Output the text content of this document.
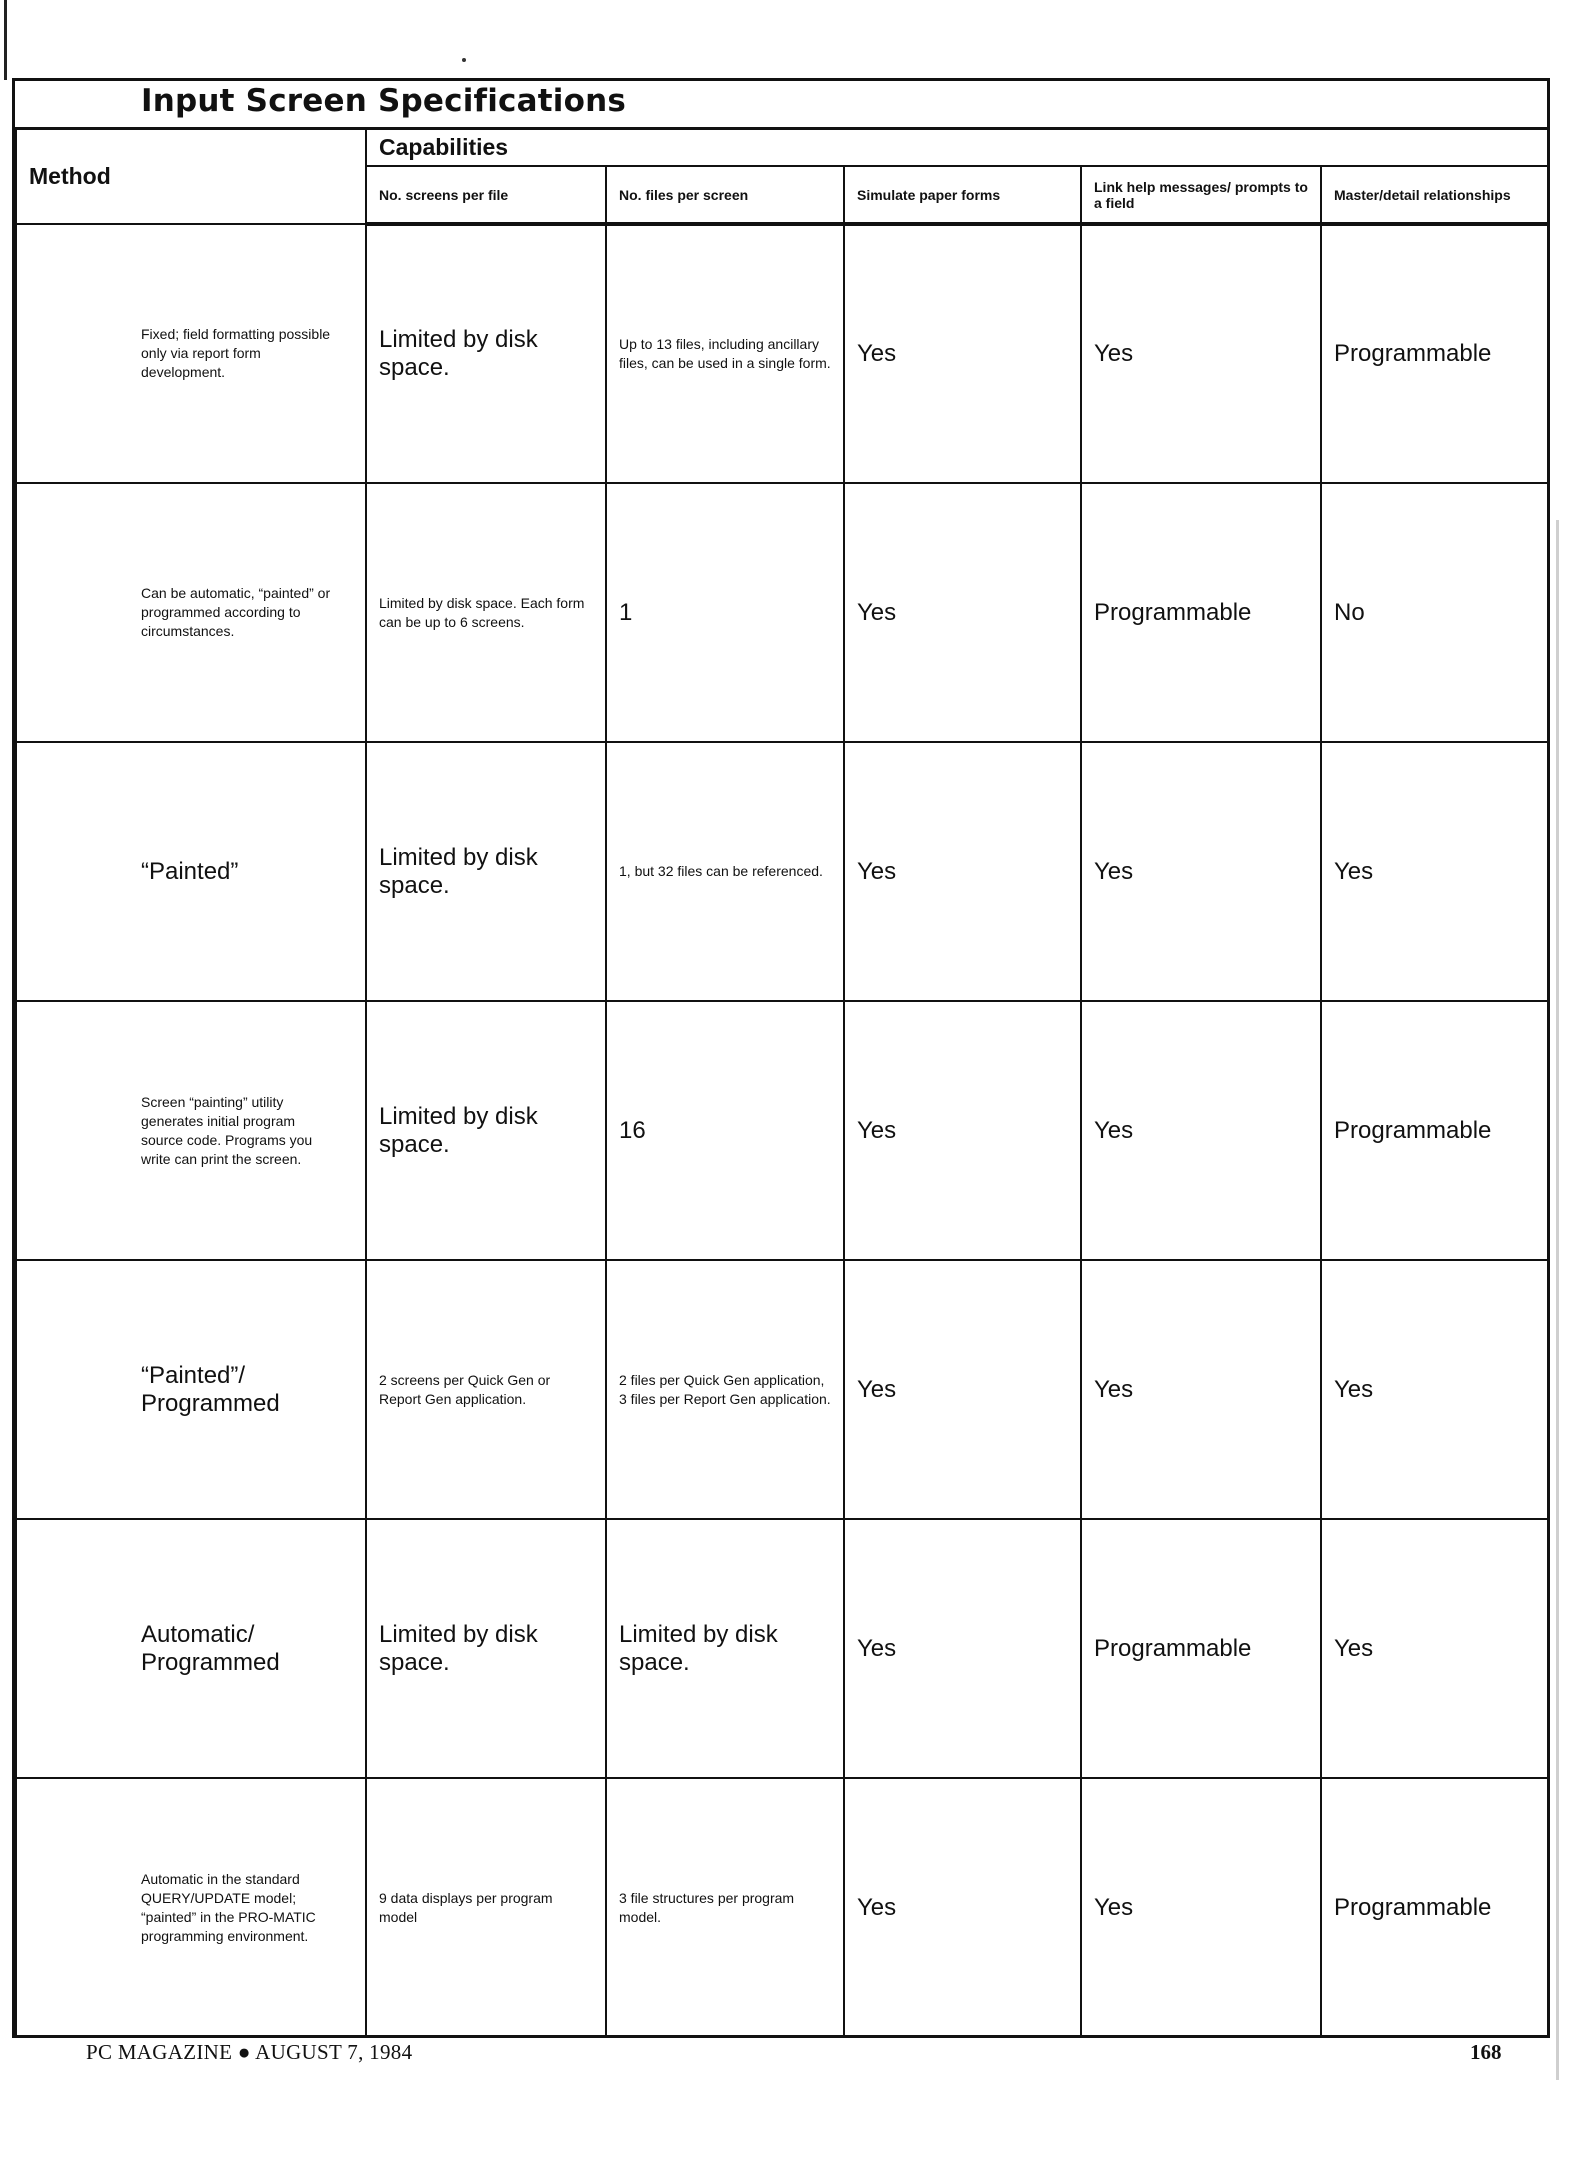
Input Screen Specifications
Method	Capabilities				
	No. screens per file	No. files per screen	Simulate paper forms	Link help messages/ prompts to a field	Master/detail relationships
Fixed; field formatting possible only via report form development.	Limited by disk space.	Up to 13 files, including ancillary files, can be used in a single form.	Yes	Yes	Programmable
Can be automatic, “painted” or programmed according to circumstances.	Limited by disk space. Each form can be up to 6 screens.	1	Yes	Programmable	No
“Painted”	Limited by disk space.	1, but 32 files can be referenced.	Yes	Yes	Yes
Screen “painting” utility generates initial program source code. Programs you write can print the screen.	Limited by disk space.	16	Yes	Yes	Programmable
“Painted”/ Programmed	2 screens per Quick Gen or Report Gen application.	2 files per Quick Gen application, 3 files per Report Gen application.	Yes	Yes	Yes
Automatic/ Programmed	Limited by disk space.	Limited by disk space.	Yes	Programmable	Yes
Automatic in the standard QUERY/UPDATE model; “painted” in the PRO-MATIC programming environment.	9 data displays per program model	3 file structures per program model.	Yes	Yes	Programmable
PC MAGAZINE ● AUGUST 7, 1984	168
